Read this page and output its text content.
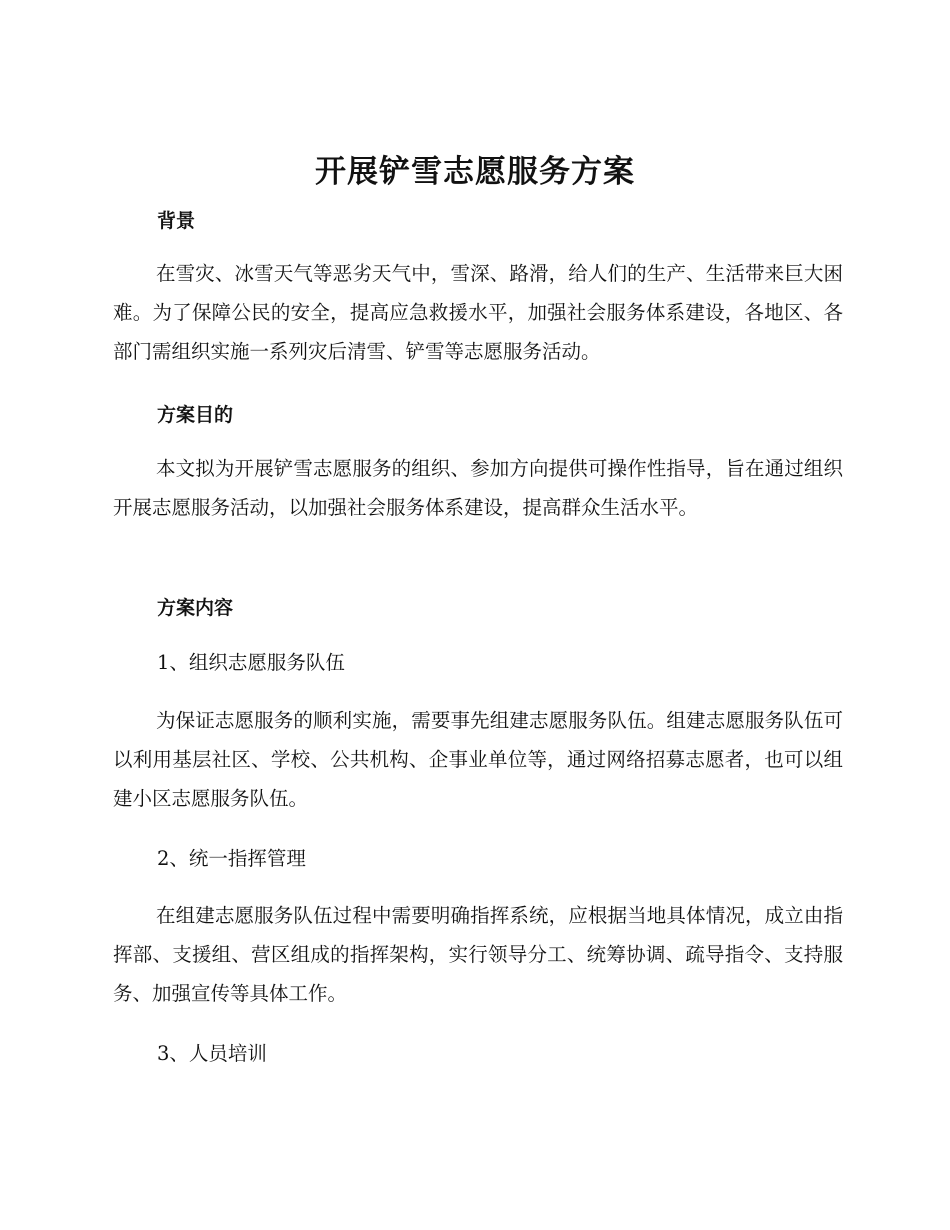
开展铲雪志愿服务方案
背景

在雪灾、冰雪天气等恶劣天气中，雪深、路滑，给人们的生产、生活带来巨大困难。为了保障公民的安全，提高应急救援水平，加强社会服务体系建设，各地区、各部门需组织实施一系列灾后清雪、铲雪等志愿服务活动。

方案目的

本文拟为开展铲雪志愿服务的组织、参加方向提供可操作性指导，旨在通过组织开展志愿服务活动，以加强社会服务体系建设，提高群众生活水平。

方案内容

1、组织志愿服务队伍

为保证志愿服务的顺利实施，需要事先组建志愿服务队伍。组建志愿服务队伍可以利用基层社区、学校、公共机构、企事业单位等，通过网络招募志愿者，也可以组建小区志愿服务队伍。

2、统一指挥管理

在组建志愿服务队伍过程中需要明确指挥系统，应根据当地具体情况，成立由指挥部、支援组、营区组成的指挥架构，实行领导分工、统筹协调、疏导指令、支持服务、加强宣传等具体工作。

3、人员培训
